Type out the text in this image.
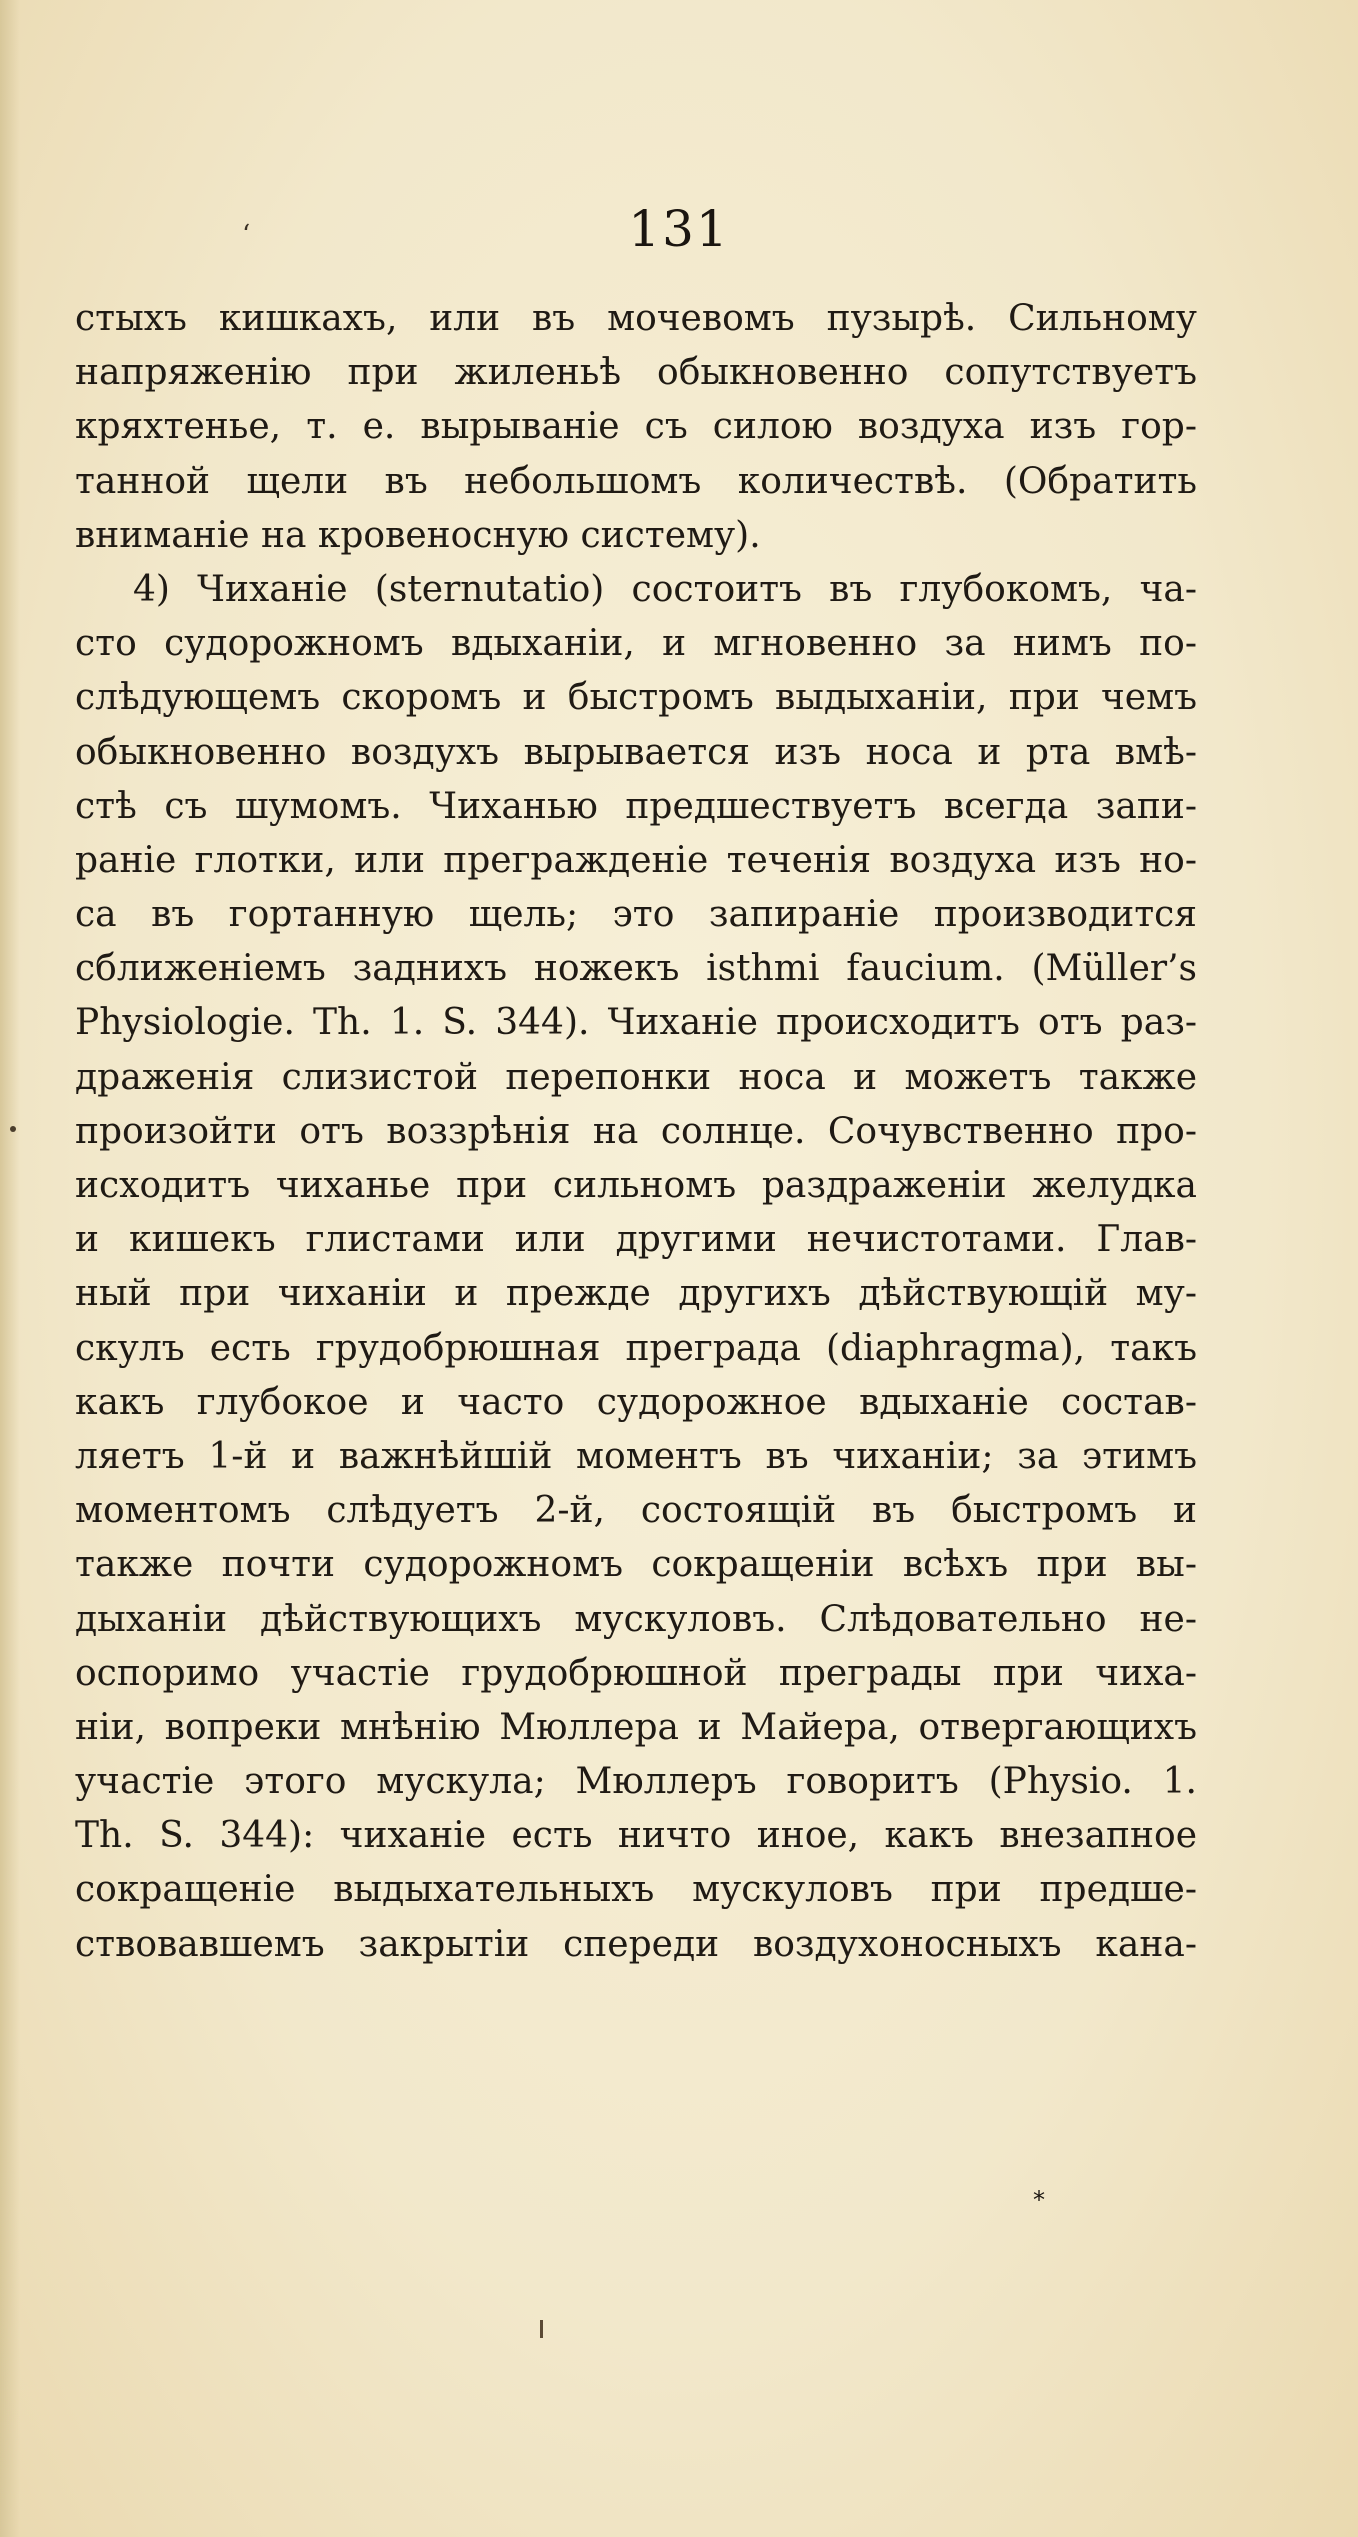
‘	131
стыхъ кишкахъ, или въ мочевомъ пузырѣ. Сильному
напряженiю при жиленьѣ обыкновенно сопутствуетъ
кряхтенье, т. е. вырыванiе съ силою воздуха изъ гор-
танной щели въ небольшомъ количествѣ. (Обратить
вниманiе на кровеносную систему).
4) Чиханiе (sternutatio) состоитъ въ глубокомъ, ча-
сто судорожномъ вдыханiи, и мгновенно за нимъ по-
слѣдующемъ скоромъ и быстромъ выдыханiи, при чемъ
обыкновенно воздухъ вырывается изъ носа и рта вмѣ-
стѣ съ шумомъ. Чиханью предшествуетъ всегда запи-
ранiе глотки, или прегражденiе теченiя воздуха изъ но-
са въ гортанную щель; это запиранiе производится
сближенiемъ заднихъ ножекъ isthmi faucium. (Müller’s
Physiologie. Th. 1. S. 344). Чиханiе происходитъ отъ раз-
драженiя слизистой перепонки носа и можетъ также
произойти отъ воззрѣнiя на солнце. Сочувственно про-
исходитъ чиханье при сильномъ раздраженiи желудка
и кишекъ глистами или другими нечистотами. Глав-
ный при чиханiи и прежде другихъ дѣйствующiй му-
скулъ есть грудобрюшная преграда (diaphragma), такъ
какъ глубокое и часто судорожное вдыханiе состав-
ляетъ 1-й и важнѣйшiй моментъ въ чиханiи; за этимъ
моментомъ слѣдуетъ 2-й, состоящiй въ быстромъ и
также почти судорожномъ сокращенiи всѣхъ при вы-
дыханiи дѣйствующихъ мускуловъ. Слѣдовательно не-
оспоримо участiе грудобрюшной преграды при чиха-
нiи, вопреки мнѣнiю Мюллера и Майера, отвергающихъ
участiе этого мускула; Мюллеръ говоритъ (Physio. 1.
Th. S. 344): чиханiе есть ничто иное, какъ внезапное
сокращенiе выдыхательныхъ мускуловъ при предше-
ствовавшемъ закрытiи спереди воздухоносныхъ кана-
*
